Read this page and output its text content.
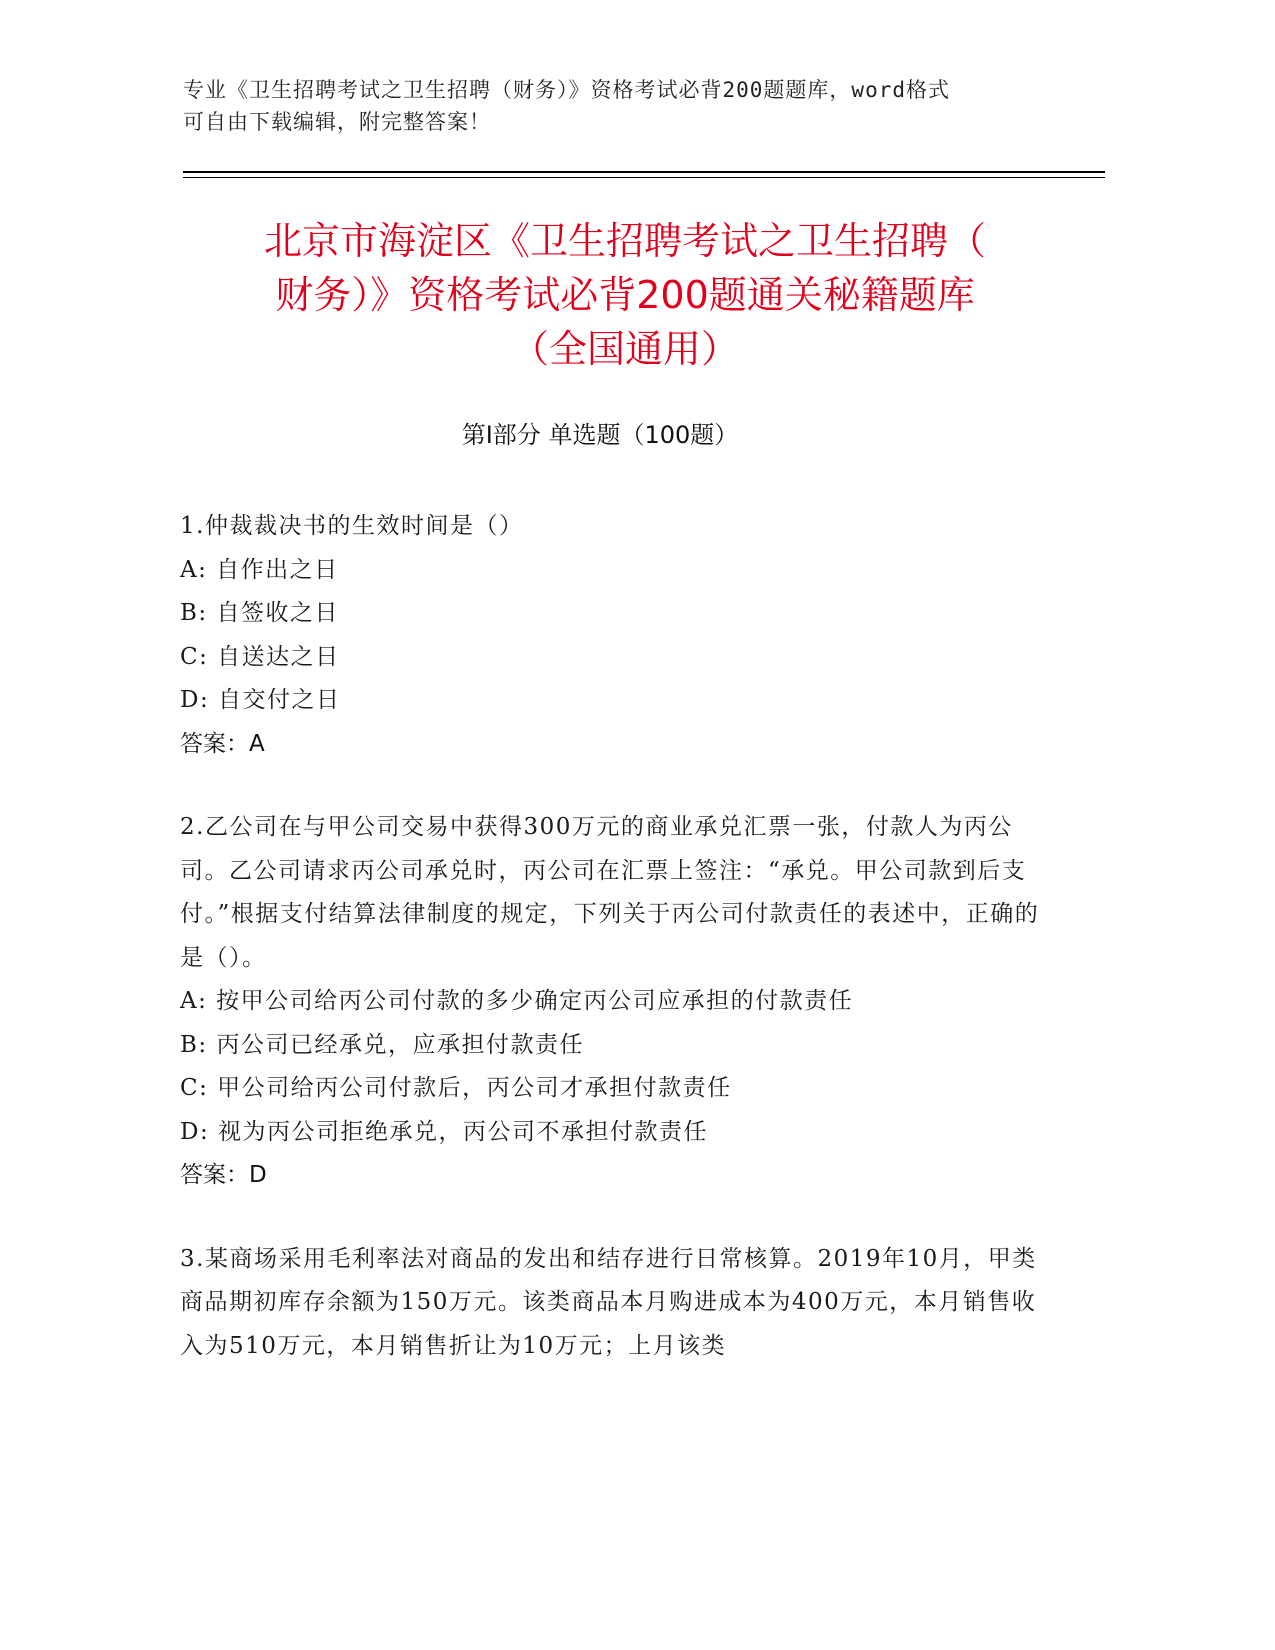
专业《卫生招聘考试之卫生招聘（财务）》资格考试必背200题题库，word格式
可自由下载编辑，附完整答案！
北京市海淀区《卫生招聘考试之卫生招聘（
财务）》资格考试必背200题通关秘籍题库
（全国通用）
第Ⅰ部分 单选题（100题）

1.仲裁裁决书的生效时间是（）

A: 自作出之日

B: 自签收之日

C: 自送达之日

D: 自交付之日

答案：A

2.乙公司在与甲公司交易中获得300万元的商业承兑汇票一张，付款人为丙公司。乙公司请求丙公司承兑时，丙公司在汇票上签注：“承兑。甲公司款到后支付。”根据支付结算法律制度的规定，下列关于丙公司付款责任的表述中，正确的是（）。

A: 按甲公司给丙公司付款的多少确定丙公司应承担的付款责任

B: 丙公司已经承兑，应承担付款责任

C: 甲公司给丙公司付款后，丙公司才承担付款责任

D: 视为丙公司拒绝承兑，丙公司不承担付款责任

答案：D

3.某商场采用毛利率法对商品的发出和结存进行日常核算。2019年10月，甲类商品期初库存余额为150万元。该类商品本月购进成本为400万元，本月销售收入为510万元，本月销售折让为10万元；上月该类
